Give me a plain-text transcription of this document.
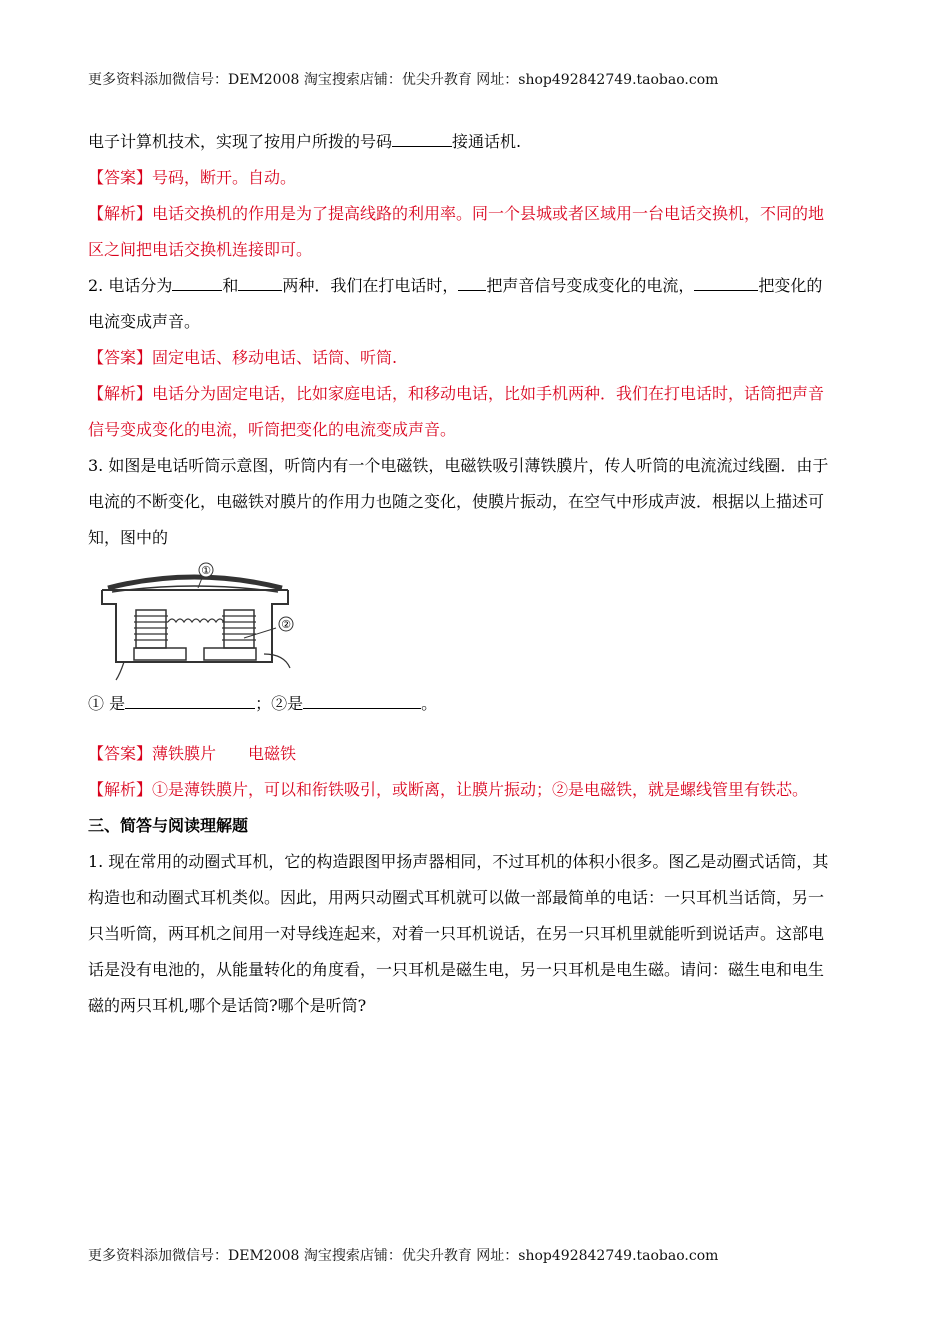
更多资料添加微信号：DEM2008 淘宝搜索店铺：优尖升教育 网址：shop492842749.taobao.com
电子计算机技术，实现了按用户所拨的号码	接通话机.
【答案】号码，断开。自动。
【解析】电话交换机的作用是为了提高线路的利用率。同一个县城或者区域用一台电话交换机，不同的地
区之间把电话交换机连接即可。
2. 电话分为	和	两种．我们在打电话时， 把声音信号变成变化的电流，	把变化的
电流变成声音。
【答案】固定电话、移动电话、话筒、听筒.
【解析】电话分为固定电话，比如家庭电话，和移动电话，比如手机两种．我们在打电话时，话筒把声音
信号变成变化的电流，听筒把变化的电流变成声音。
3. 如图是电话听筒示意图，听筒内有一个电磁铁，电磁铁吸引薄铁膜片，传人听筒的电流流过线圈．由于
电流的不断变化，电磁铁对膜片的作用力也随之变化，使膜片振动，在空气中形成声波．根据以上描述可
知，图中的
①
②
① 是	；②是	。
【答案】薄铁膜片　　电磁铁
【解析】①是薄铁膜片，可以和衔铁吸引，或断离，让膜片振动；②是电磁铁，就是螺线管里有铁芯。
三、简答与阅读理解题
1. 现在常用的动圈式耳机，它的构造跟图甲扬声器相同，不过耳机的体积小很多。图乙是动圈式话筒，其
构造也和动圈式耳机类似。因此，用两只动圈式耳机就可以做一部最简单的电话：一只耳机当话筒，另一
只当听筒，两耳机之间用一对导线连起来，对着一只耳机说话，在另一只耳机里就能听到说话声。这部电
话是没有电池的，从能量转化的角度看，一只耳机是磁生电，另一只耳机是电生磁。请问：磁生电和电生
磁的两只耳机,哪个是话筒?哪个是听筒?
更多资料添加微信号：DEM2008 淘宝搜索店铺：优尖升教育 网址：shop492842749.taobao.com
